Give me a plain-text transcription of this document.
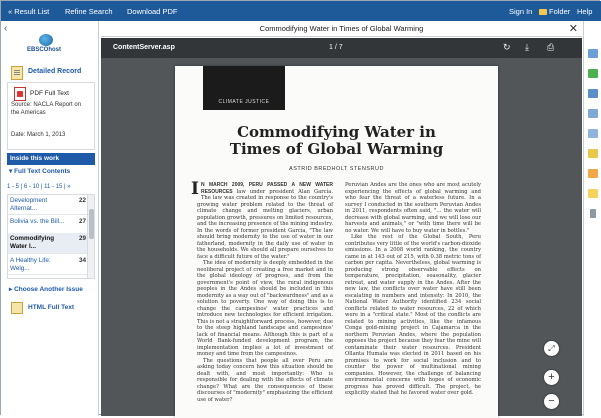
« Result List Refine Search Download PDF	Sign In	Folder Help
Commodifying Water in Times of Global Warming	✕
‹
EBSCOhost
Detailed Record
PDF Full Text
Source: NACLA Report on the Americas
Date: March 1, 2013
Inside this work
▾ Full Text Contents
1 - 5 | 6 - 10 | 11 - 15 | »
Development Alternat...
22
Bolivia vs. the Bill... 27
Commodifying Water I...
29
A Healthy Life: Welg...
34
▸ Choose Another Issue
HTML Full Text
ContentServer.asp	1 / 7	↻ ⤓ ⎙
CLIMATE JUSTICE
Commodifying Water in
Times of Global Warming
ASTRID BREDHOLT STENSRUD

I N MARCH 2009, PERU PASSED A NEW WATER RESOURCES law under president Alan García. The law was created in response to the country's growing water problem related to the threat of climate change and melting glaciers, urban population growth, pressures on limited resources, and the increasing presence of the mining industry. In the words of former president García, "The law should bring modernity to the use of water in our fatherland, modernity in the daily use of water in the households. We should all prepare ourselves to face a difficult future of the water."

The idea of modernity is deeply embedded in the neoliberal project of creating a free market and in the global ideology of progress, and from the government's point of view, the rural indigenous peoples in the Andes should be included in this modernity as a way out of "backwardness" and as a solution to poverty. One way of doing this is to change the campesinos' water practices and introduce new technologies for efficient irrigation. This is not a straightforward process, however, due to the steep highland landscape and campesinos' lack of financial means. Although this is part of a World Bank-funded development program, the implementation implies a lot of investment of money and time from the campesinos.

The questions that people all over Peru are asking today concern how this situation should be dealt with, and most importantly: Who is responsible for dealing with the effects of climate change? What are the consequences of these discourses of "modernity" emphasizing the efficient use of water?

Peruvian Andes are the ones who are most acutely experiencing the effects of global warming and who fear the threat of a waterless future. In a survey I conducted in the southern Peruvian Andes in 2011, respondents often said, "... the water will decrease with global warming, and we will lose our harvests and animals," or "with time there will be no water. We will have to buy water in bottles."

Like the rest of the Global South, Peru contributes very little of the world's carbon-dioxide emissions. In a 2008 world ranking, the country came in at 143 out of 215, with 0.38 metric tons of carbon per capita. Nevertheless, global warming is producing strong observable effects on temperature, precipitation, seasonality, glacier retreat, and water supply in the Andes. After the new law, the conflicts over water have still been escalating in numbers and intensity: In 2010, the National Water Authority identified 234 social conflicts related to water resources, 22 of which were in a "critical state." Most of the conflicts are related to mining activities, like the infamous Conga gold-mining project in Cajamarca in the northern Peruvian Andes, where the population opposes the project because they fear the mine will contaminate their water resources. President Ollanta Humala was elected in 2011 based on his promises to work for social inclusion and to counter the power of multinational mining companies. However, the challenge of balancing environmental concerns with hopes of economic progress has proved difficult. The project, he explicitly stated that he favored water over gold.

⤢
+
−
